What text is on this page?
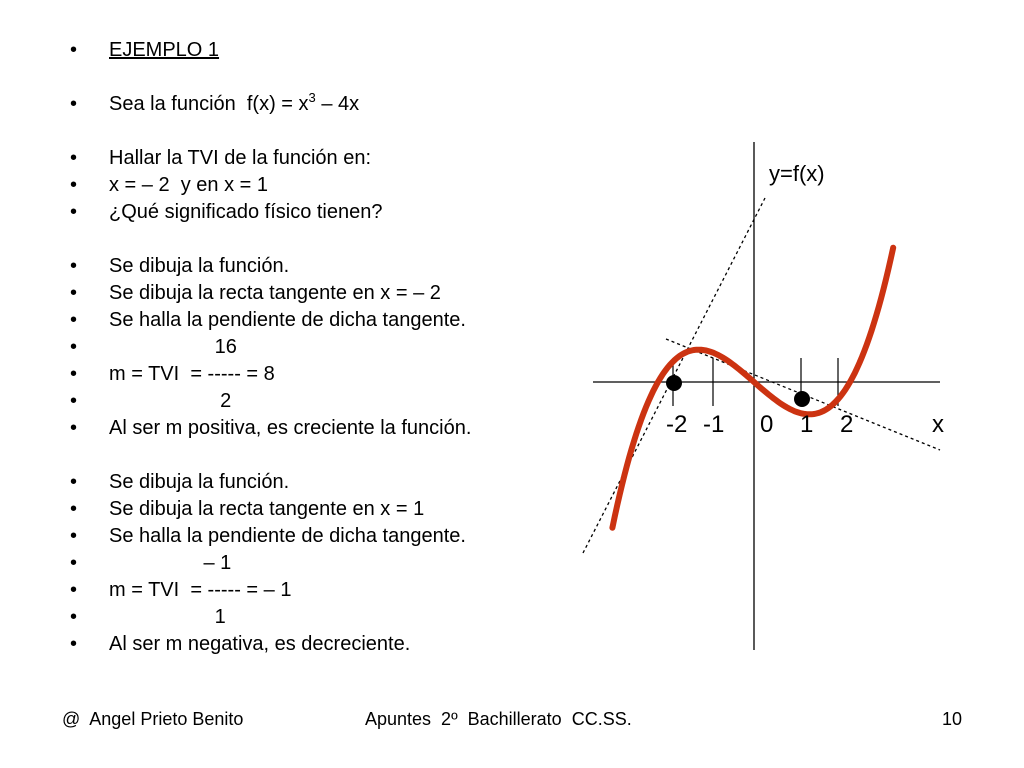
•

	EJEMPLO 1

•

	Sea la función  $f(x) = x^3 - 4x$

•

	Hallar la TVI de la función en:

•

	x = – 2  y en x = 1

•

	¿Qué significado físico tienen?

•

	Se dibuja la función.

•

	Se dibuja la recta tangente en x = – 2

•

	Se halla la pendiente de dicha tangente.

•

	16

•

	m = TVI  = ----- = 8

•

	2

•

	Al ser m positiva, es creciente la función.

•

	Se dibuja la función.

•

	Se dibuja la recta tangente en x = 1

•

	Se halla la pendiente de dicha tangente.

•

	– 1

•

	m = TVI  = ----- = – 1

•

	1

•

	Al ser m negativa, es decreciente.

y=f(x)
x
-2 -1 0 1 2
@  Angel Prieto Benito	Apuntes  2º  Bachillerato  CC.SS.	10
